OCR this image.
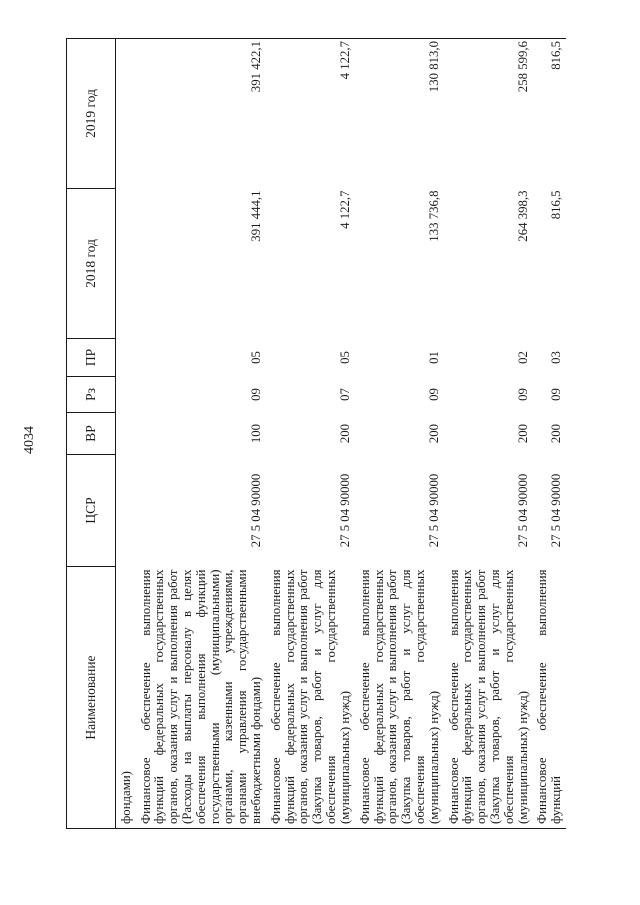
4034
Наименование	ЦСР	ВР	Рз	ПР	2018 год	2019 год
фондами)						
Финансовое обеспечение выполнения функций федеральных государственных органов, оказания услуг и выполнения работ (Расходы на выплаты персоналу в целях обеспечения выполнения функций государственными (муниципальными) органами, казенными учреждениями, органами управления государственными внебюджетными фондами)	27 5 04 90000	100	09	05	391 444,1	391 422,1
Финансовое обеспечение выполнения функций федеральных государственных органов, оказания услуг и выполнения работ (Закупка товаров, работ и услуг для обеспечения государственных (муниципальных) нужд)	27 5 04 90000	200	07	05	4 122,7	4 122,7
Финансовое обеспечение выполнения функций федеральных государственных органов, оказания услуг и выполнения работ (Закупка товаров, работ и услуг для обеспечения государственных (муниципальных) нужд)	27 5 04 90000	200	09	01	133 736,8	130 813,0
Финансовое обеспечение выполнения функций федеральных государственных органов, оказания услуг и выполнения работ (Закупка товаров, работ и услуг для обеспечения государственных (муниципальных) нужд)	27 5 04 90000	200	09	02	264 398,3	258 599,6
Финансовое обеспечение выполнения функций	27 5 04 90000	200	09	03	816,5	816,5
